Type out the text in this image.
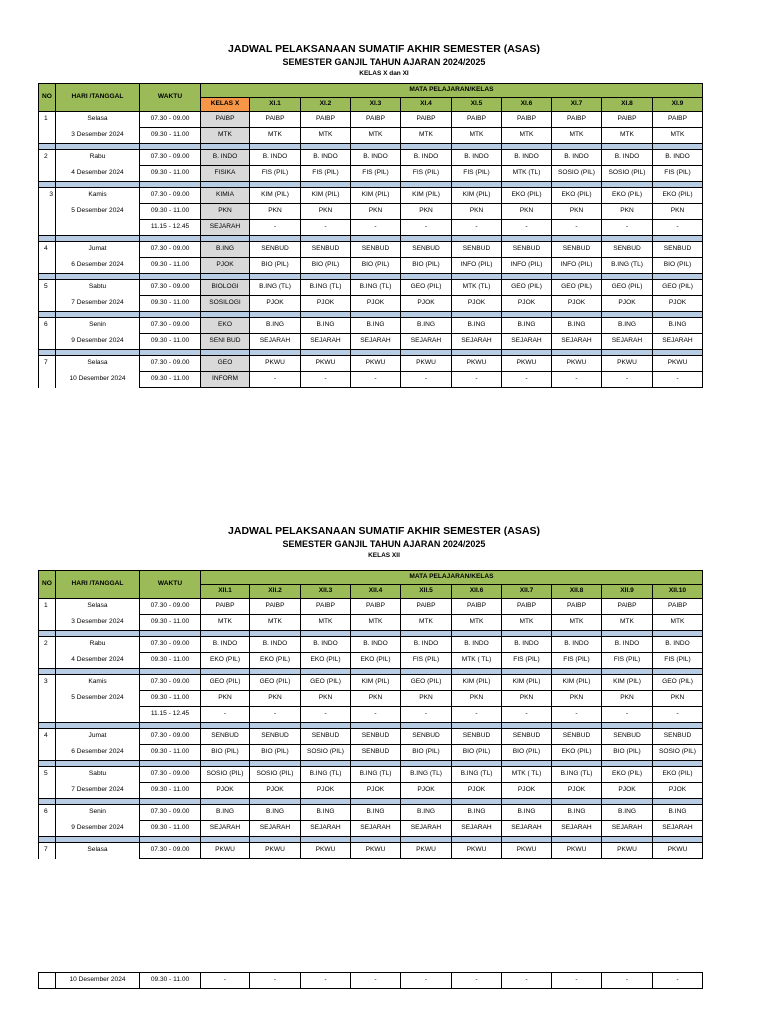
JADWAL PELAKSANAAN SUMATIF AKHIR SEMESTER (ASAS)
SEMESTER GANJIL TAHUN AJARAN 2024/2025
KELAS X dan XI
NO	HARI /TANGGAL	WAKTU	MATA PELAJARAN/KELAS									
			KELAS X	XI.1	XI.2	XI.3	XI.4	XI.5	XI.6	XI.7	XI.8	XI.9
1	Selasa	07.30 - 09.00	PAIBP	PAIBP	PAIBP	PAIBP	PAIBP	PAIBP	PAIBP	PAIBP	PAIBP	PAIBP
	3 Desember 2024	09.30 - 11.00	MTK	MTK	MTK	MTK	MTK	MTK	MTK	MTK	MTK	MTK

2	Rabu	07.30 - 09.00	B. INDO	B. INDO	B. INDO	B. INDO	B. INDO	B. INDO	B. INDO	B. INDO	B. INDO	B. INDO
	4 Desember 2024	09.30 - 11.00	FISIKA	FIS (PIL)	FIS (PIL)	FIS (PIL)	FIS (PIL)	FIS (PIL)	MTK (TL)	SOSIO (PIL)	SOSIO (PIL)	FIS (PIL)

3	Kamis	07.30 - 09.00	KIMIA	KIM (PIL)	KIM (PIL)	KIM (PIL)	KIM (PIL)	KIM (PIL)	EKO (PIL)	EKO (PIL)	EKO (PIL)	EKO (PIL)
	5 Desember 2024	09.30 - 11.00	PKN	PKN	PKN	PKN	PKN	PKN	PKN	PKN	PKN	PKN
		11.15 - 12.45	SEJARAH	-	-	-	-	-	-	-	-	-

4	Jumat	07.30 - 09.00	B.ING	SENBUD	SENBUD	SENBUD	SENBUD	SENBUD	SENBUD	SENBUD	SENBUD	SENBUD
	6 Desember 2024	09.30 - 11.00	PJOK	BIO (PIL)	BIO (PIL)	BIO (PIL)	BIO (PIL)	INFO (PIL)	INFO (PIL)	INFO (PIL)	B.ING (TL)	BIO (PIL)

5	Sabtu	07.30 - 09.00	BIOLOGI	B.ING (TL)	B.ING (TL)	B.ING (TL)	GEO (PIL)	MTK (TL)	GEO (PIL)	GEO (PIL)	GEO (PIL)	GEO (PIL)
	7 Desember 2024	09.30 - 11.00	SOSILOGI	PJOK	PJOK	PJOK	PJOK	PJOK	PJOK	PJOK	PJOK	PJOK

6	Senin	07.30 - 09.00	EKO	B.ING	B.ING	B.ING	B.ING	B.ING	B.ING	B.ING	B.ING	B.ING
	9 Desember 2024	09.30 - 11.00	SENI BUD	SEJARAH	SEJARAH	SEJARAH	SEJARAH	SEJARAH	SEJARAH	SEJARAH	SEJARAH	SEJARAH

7	Selasa	07.30 - 09.00	GEO	PKWU	PKWU	PKWU	PKWU	PKWU	PKWU	PKWU	PKWU	PKWU
	10 Desember 2024	09.30 - 11.00	INFORM	-	-	-	-	-	-	-	-	-
JADWAL PELAKSANAAN SUMATIF AKHIR SEMESTER (ASAS)
SEMESTER GANJIL TAHUN AJARAN 2024/2025
KELAS XII
NO	HARI /TANGGAL	WAKTU	MATA PELAJARAN/KELAS									
			XII.1	XII.2	XII.3	XII.4	XII.5	XII.6	XII.7	XII.8	XII.9	XII.10
1	Selasa	07.30 - 09.00	PAIBP	PAIBP	PAIBP	PAIBP	PAIBP	PAIBP	PAIBP	PAIBP	PAIBP	PAIBP
	3 Desember 2024	09.30 - 11.00	MTK	MTK	MTK	MTK	MTK	MTK	MTK	MTK	MTK	MTK

2	Rabu	07.30 - 09.00	B. INDO	B. INDO	B. INDO	B. INDO	B. INDO	B. INDO	B. INDO	B. INDO	B. INDO	B. INDO
	4 Desember 2024	09.30 - 11.00	EKO (PIL)	EKO (PIL)	EKO (PIL)	EKO (PIL)	FIS (PIL)	MTK ( TL)	FIS (PIL)	FIS (PIL)	FIS (PIL)	FIS (PIL)

3	Kamis	07.30 - 09.00	GEO (PIL)	GEO (PIL)	GEO (PIL)	KIM (PIL)	GEO (PIL)	KIM (PIL)	KIM (PIL)	KIM (PIL)	KIM (PIL)	GEO (PIL)
	5 Desember 2024	09.30 - 11.00	PKN	PKN	PKN	PKN	PKN	PKN	PKN	PKN	PKN	PKN
		11.15 - 12.45	-	-	-	-	-	-	-	-	-	-

4	Jumat	07.30 - 09.00	SENBUD	SENBUD	SENBUD	SENBUD	SENBUD	SENBUD	SENBUD	SENBUD	SENBUD	SENBUD
	6 Desember 2024	09.30 - 11.00	BIO (PIL)	BIO (PIL)	SOSIO (PIL)	SENBUD	BIO (PIL)	BIO (PIL)	BIO (PIL)	EKO (PIL)	BIO (PIL)	SOSIO (PIL)

5	Sabtu	07.30 - 09.00	SOSIO (PIL)	SOSIO (PIL)	B.ING (TL)	B.ING (TL)	B.ING (TL)	B.ING (TL)	MTK ( TL)	B.ING (TL)	EKO (PIL)	EKO (PIL)
	7 Desember 2024	09.30 - 11.00	PJOK	PJOK	PJOK	PJOK	PJOK	PJOK	PJOK	PJOK	PJOK	PJOK

6	Senin	07.30 - 09.00	B.ING	B.ING	B.ING	B.ING	B.ING	B.ING	B.ING	B.ING	B.ING	B.ING
	9 Desember 2024	09.30 - 11.00	SEJARAH	SEJARAH	SEJARAH	SEJARAH	SEJARAH	SEJARAH	SEJARAH	SEJARAH	SEJARAH	SEJARAH

7	Selasa	07.30 - 09.00	PKWU	PKWU	PKWU	PKWU	PKWU	PKWU	PKWU	PKWU	PKWU	PKWU
	10 Desember 2024	09.30 - 11.00	-	-	-	-	-	-	-	-	-	-
